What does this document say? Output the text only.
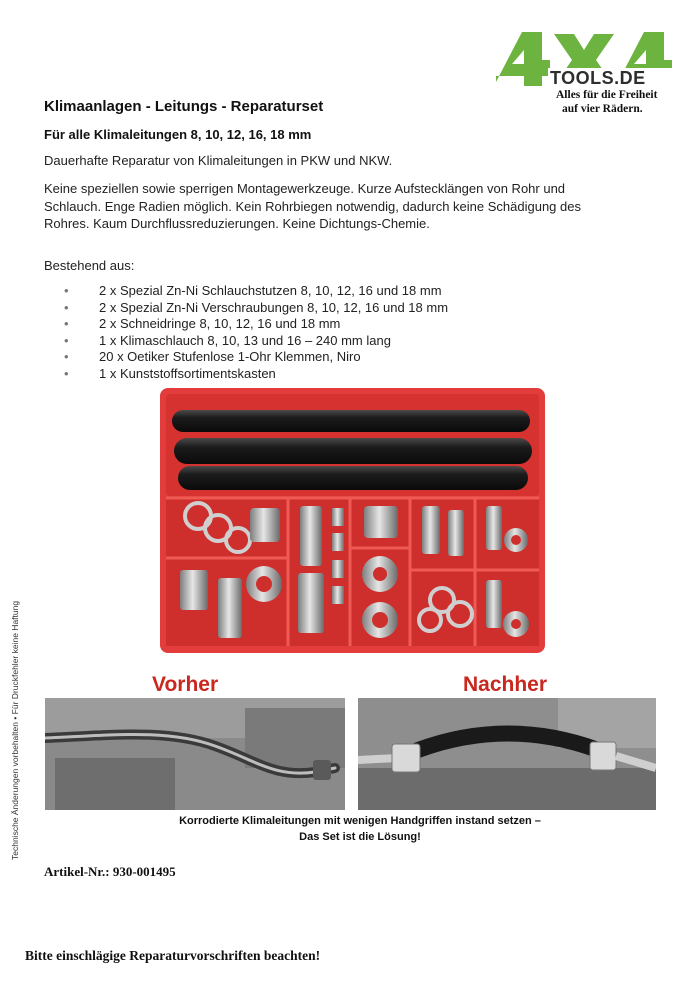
TOOLS.DE
Alles für die Freiheit
auf vier Rädern.
Klimaanlagen - Leitungs - Reparaturset
Für alle Klimaleitungen 8, 10, 12, 16, 18 mm

Dauerhafte Reparatur von Klimaleitungen in PKW und NKW.

Keine speziellen sowie sperrigen Montagewerkzeuge. Kurze Aufstecklängen von Rohr und
Schlauch. Enge Radien möglich. Kein Rohrbiegen notwendig, dadurch keine Schädigung des
Rohres. Kaum Durchflussreduzierungen. Keine Dichtungs-Chemie.

Bestehend aus:

• 2 x Spezial Zn-Ni Schlauchstutzen 8, 10, 12, 16 und 18 mm
• 2 x Spezial Zn-Ni Verschraubungen 8, 10, 12, 16 und 18 mm
• 2 x Schneidringe 8, 10, 12, 16 und 18 mm
• 1 x Klimaschlauch 8, 10, 13 und 16 – 240 mm lang
• 20 x Oetiker Stufenlose 1-Ohr Klemmen, Niro
• 1 x Kunststoffsortimentskasten
Vorher	Nachher
Korrodierte Klimaleitungen mit wenigen Handgriffen instand setzen –
Das Set ist die Lösung!
Technische Änderungen vorbehalten • Für Druckfehler keine Haftung

Artikel-Nr.: 930-001495

Bitte einschlägige Reparaturvorschriften beachten!
